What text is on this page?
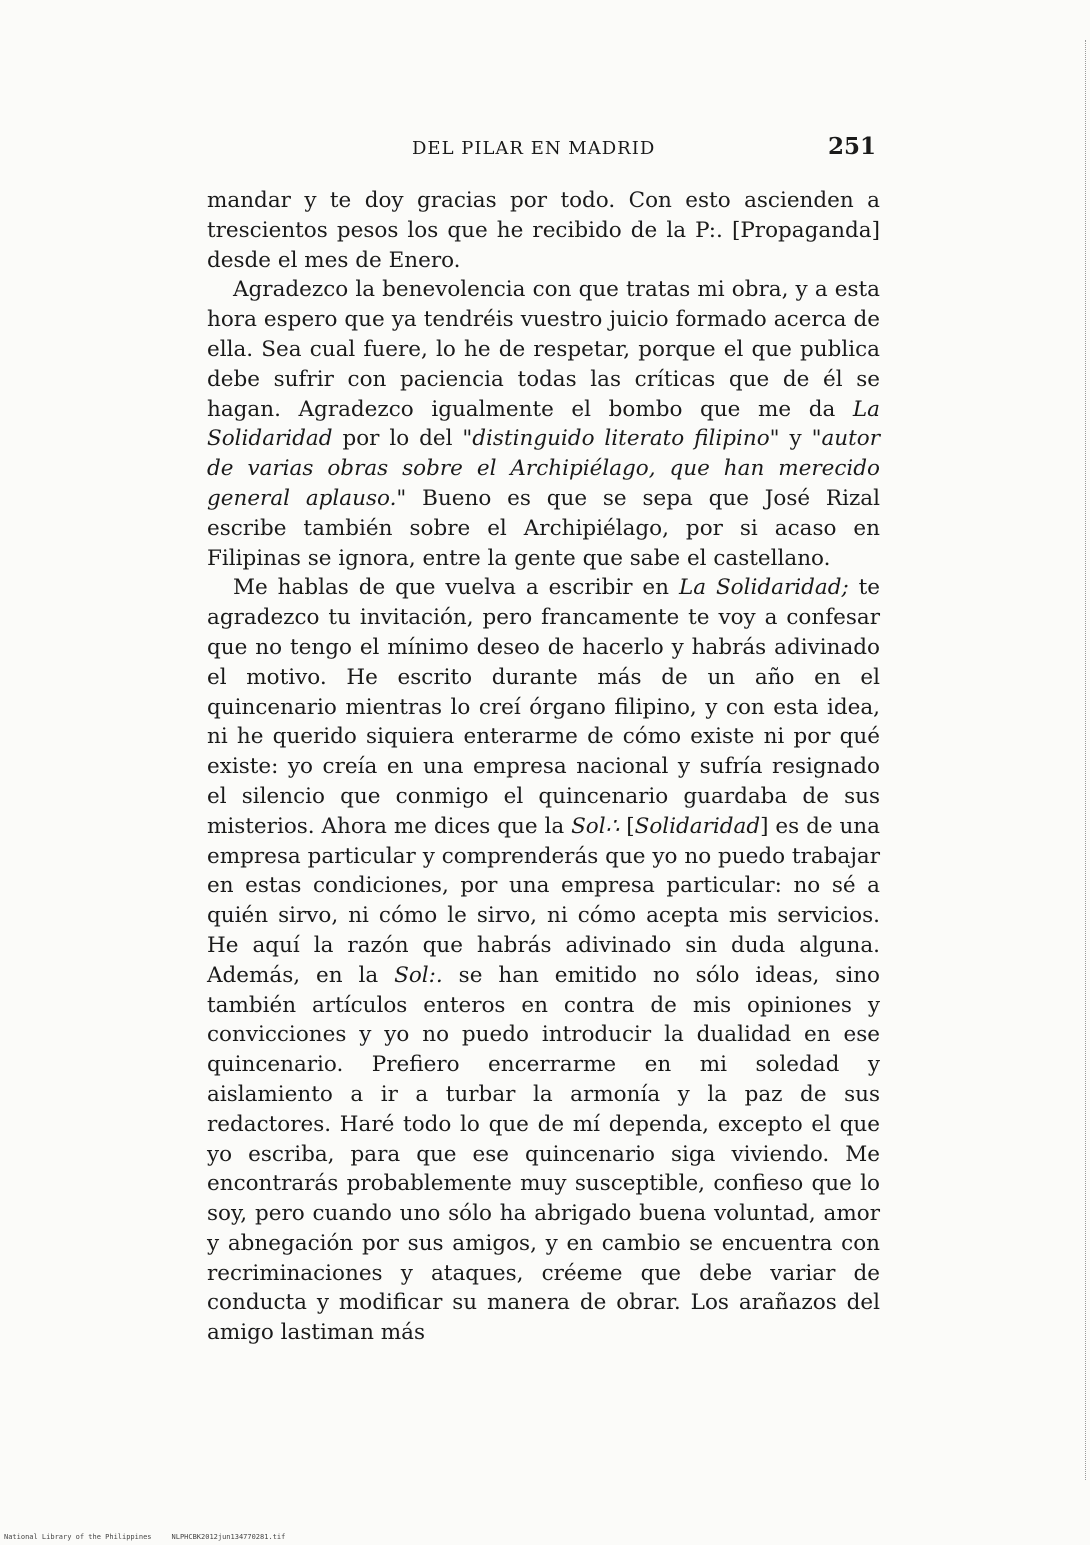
DEL PILAR EN MADRID	251

mandar y te doy gracias por todo. Con esto ascienden a trescientos pesos los que he recibido de la P:. [Propaganda] desde el mes de Enero.

Agradezco la benevolencia con que tratas mi obra, y a esta hora espero que ya tendréis vuestro juicio formado acerca de ella. Sea cual fuere, lo he de respetar, porque el que publica debe sufrir con paciencia todas las críticas que de él se hagan. Agradezco igualmente el bombo que me da La Solidaridad por lo del "distinguido literato filipino" y "autor de varias obras sobre el Archipiélago, que han merecido general aplauso." Bueno es que se sepa que José Rizal escribe también sobre el Archipiélago, por si acaso en Filipinas se ignora, entre la gente que sabe el castellano.

Me hablas de que vuelva a escribir en La Solidaridad; te agradezco tu invitación, pero francamente te voy a confesar que no tengo el mínimo deseo de hacerlo y habrás adivinado el motivo. He escrito durante más de un año en el quincenario mientras lo creí órgano filipino, y con esta idea, ni he querido siquiera enterarme de cómo existe ni por qué existe: yo creía en una empresa nacional y sufría resignado el silencio que conmigo el quincenario guardaba de sus misterios. Ahora me dices que la Sol∴ [Solidaridad] es de una empresa particular y comprenderás que yo no puedo trabajar en estas condiciones, por una empresa particular: no sé a quién sirvo, ni cómo le sirvo, ni cómo acepta mis servicios. He aquí la razón que habrás adivinado sin duda alguna. Además, en la Sol:. se han emitido no sólo ideas, sino también artículos enteros en contra de mis opiniones y convicciones y yo no puedo introducir la dualidad en ese quincenario. Prefiero encerrarme en mi soledad y aislamiento a ir a turbar la armonía y la paz de sus redactores. Haré todo lo que de mí dependa, excepto el que yo escriba, para que ese quincenario siga viviendo. Me encontrarás probablemente muy susceptible, confieso que lo soy, pero cuando uno sólo ha abrigado buena voluntad, amor y abnegación por sus amigos, y en cambio se encuentra con recriminaciones y ataques, créeme que debe variar de conducta y modificar su manera de obrar. Los arañazos del amigo lastiman más

National Library of the Philippines	NLPHCBK2012jun134770281.tif
